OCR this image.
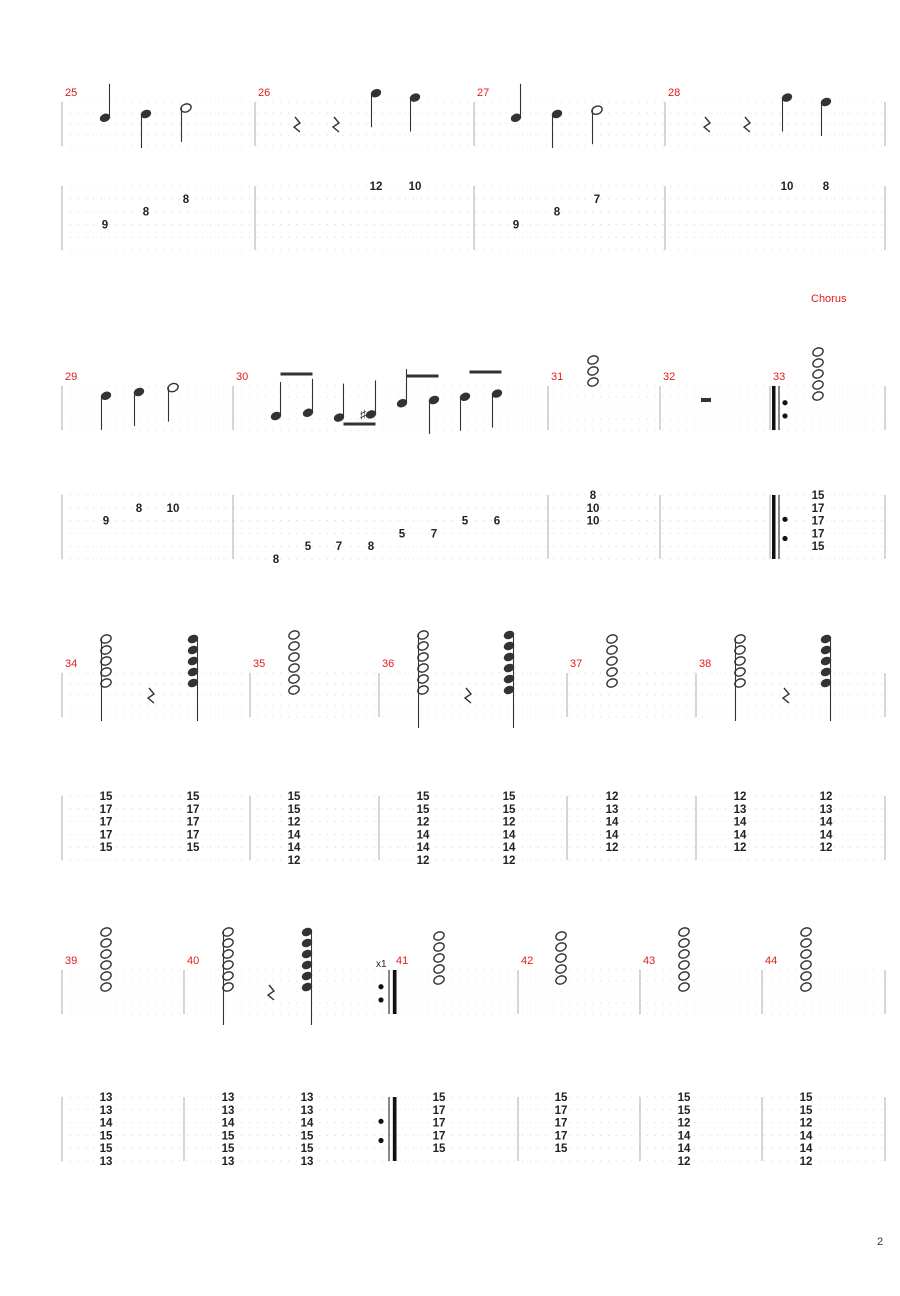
Chorus
x1
2
25
9
8
8
26
12 10
27
9
8
7
28
10	8
29
9
8 10
30
8
5 7 8
5 7
5 6
♯
31
8
10
10
32	33
15
17
17
17
15
34
15
17
17
17
15
15
17
17
17
15
35
15
15
12
14
14
12
36
15
15
12
14
14
12
15
15
12
14
14
12
37
12
13
14
14
12
38
12
13
14
14
12
12
13
14
14
12
39
13
13
14
15
15
13
40
13
13
14
15
15
13
13
13
14
15
15
13
41
15
17
17
17
15
42
15
17
17
17
15
43
15
15
12
14
14
12
44
15
15
12
14
14
12
